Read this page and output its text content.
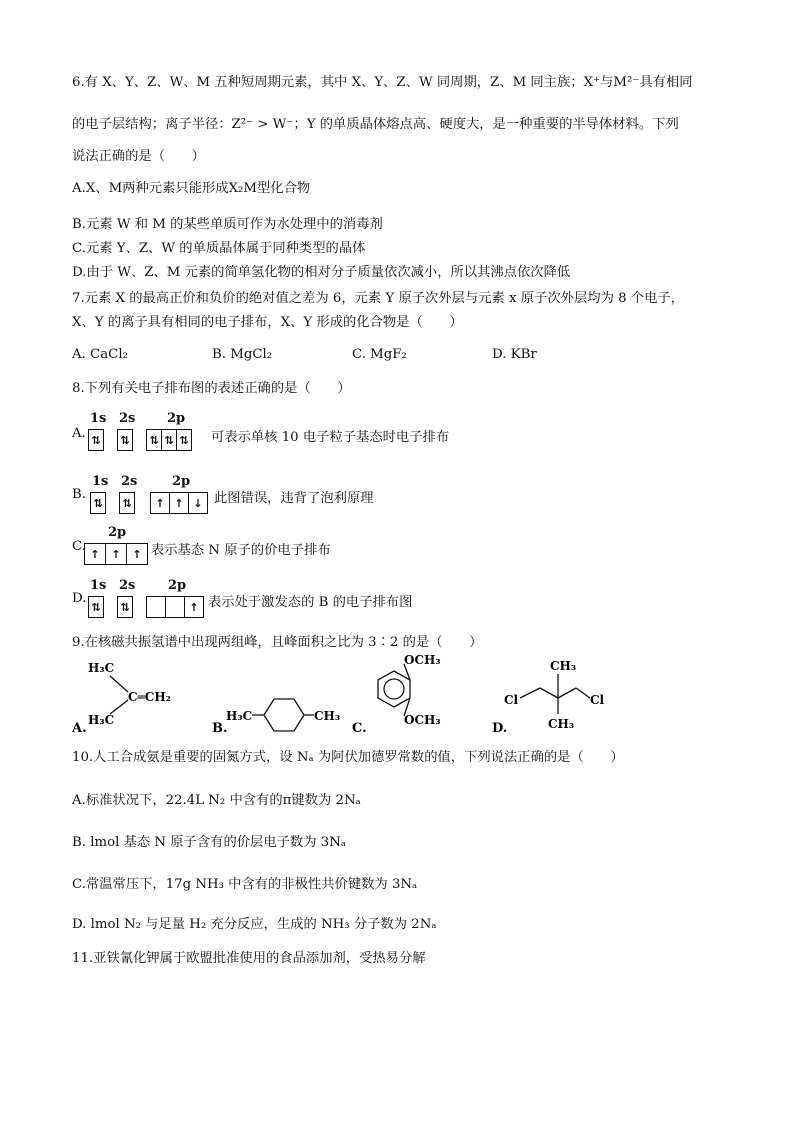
6.有 X、Y、Z、W、M 五种短周期元素，其中 X、Y、Z、W 同周期，Z、M 同主族；X⁺与M²⁻具有相同
的电子层结构；离子半径：Z²⁻ > W⁻；Y 的单质晶体熔点高、硬度大，是一种重要的半导体材料。下列
说法正确的是（　　）
A.X、M两种元素只能形成X₂M型化合物
B.元素 W 和 M 的某些单质可作为水处理中的消毒剂
C.元素 Y、Z、W 的单质晶体属于同种类型的晶体
D.由于 W、Z、M 元素的简单氢化物的相对分子质量依次减小，所以其沸点依次降低
7.元素 X 的最高正价和负价的绝对值之差为 6，元素 Y 原子次外层与元素 x 原子次外层均为 8 个电子，
X、Y 的离子具有相同的电子排布，X、Y 形成的化合物是（　　）
A. CaCl₂	B. MgCl₂	C. MgF₂	D. KBr
8.下列有关电子排布图的表述正确的是（　　）
A.
1s 2s 2p
⇅ ⇅ ⇅ ⇅ ⇅ 可表示单核 10 电子粒子基态时电子排布
B.
1s 2s	2p
⇅ ⇅ ↑ ↑ ↓ 此图错误，违背了泡利原理
C.
2p
↑ ↑ ↑ 表示基态 N 原子的价电子排布
D.
1s 2s	2p
⇅ ⇅	↑ 表示处于激发态的 B 的电子排布图
9.在核磁共振氢谱中出现两组峰，且峰面积之比为 3∶2 的是（　　）
A.
H₃C
H₃C
C═CH₂
B.
H₃C	CH₃
C.
OCH₃
OCH₃
D.
Cl	Cl
CH₃
CH₃
10.人工合成氨是重要的固氮方式，设 Nₐ 为阿伏加德罗常数的值，下列说法正确的是（　　）
A.标准状况下，22.4L N₂ 中含有的π键数为 2Nₐ
B. lmol 基态 N 原子含有的价层电子数为 3Nₐ
C.常温常压下，17g NH₃ 中含有的非极性共价键数为 3Nₐ
D. lmol N₂ 与足量 H₂ 充分反应，生成的 NH₃ 分子数为 2Nₐ
11.亚铁氰化钾属于欧盟批准使用的食品添加剂，受热易分解
